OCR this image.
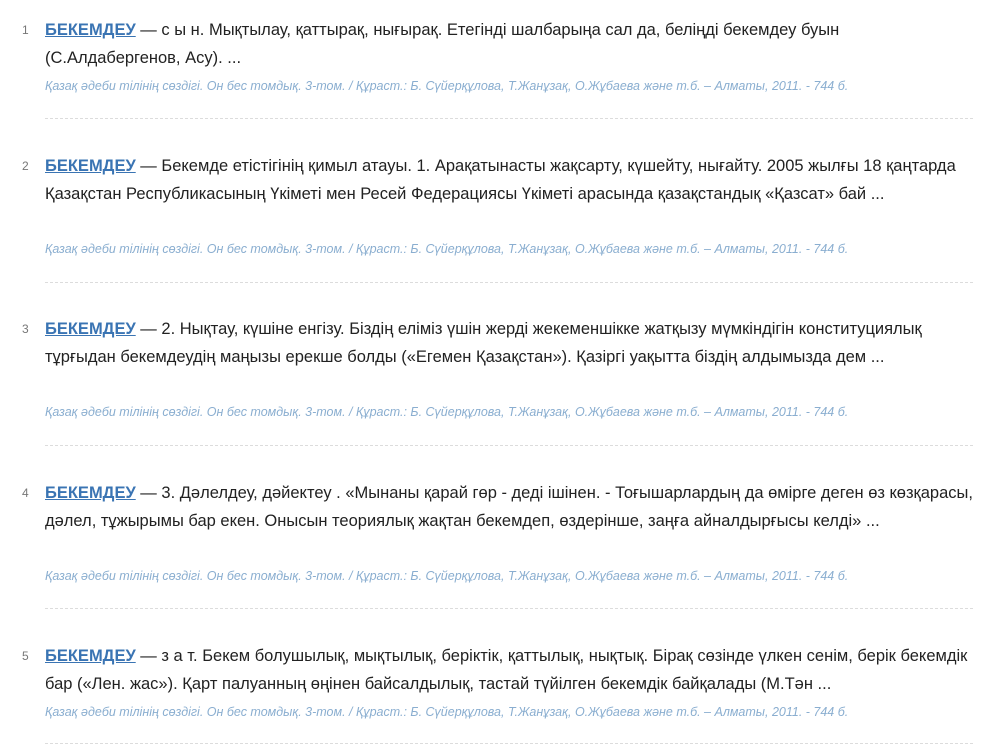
1 БЕКЕМДЕУ — с ы н. Мықтылау, қаттырақ, нығырақ. Етегінді шалбарыңа сал да, беліңді бекемдеу буын (С.Алдабергенов, Асу). ...
Қазақ әдеби тілінің сөздігі. Он бес томдық. 3-том. / Құраст.: Б. Сүйерқұлова, Т.Жанұзақ, О.Жұбаева және т.б. – Алматы, 2011. - 744 б.
2 БЕКЕМДЕУ — Бекемде етістігінің қимыл атауы. 1. Арақатынасты жақсарту, күшейту, нығайту. 2005 жылғы 18 қаңтарда Қазақстан Республикасының Үкіметі мен Ресей Федерациясы Үкіметі арасында қазақстандық «Қазсат» бай ...
Қазақ әдеби тілінің сөздігі. Он бес томдық. 3-том. / Құраст.: Б. Сүйерқұлова, Т.Жанұзақ, О.Жұбаева және т.б. – Алматы, 2011. - 744 б.
3 БЕКЕМДЕУ — 2. Нықтау, күшіне енгізу. Біздің еліміз үшін жерді жекеменшікке жатқызу мүмкіндігін конституциялық тұрғыдан бекемдеудің маңызы ерекше болды («Егемен Қазақстан»). Қазіргі уақытта біздің алдымызда дем ...
Қазақ әдеби тілінің сөздігі. Он бес томдық. 3-том. / Құраст.: Б. Сүйерқұлова, Т.Жанұзақ, О.Жұбаева және т.б. – Алматы, 2011. - 744 б.
4 БЕКЕМДЕУ — 3. Дәлелдеу, дәйектеу . «Мынаны қарай гөр - деді ішінен. - Тоғышарлардың да өмірге деген өз көзқарасы, дәлел, тұжырымы бар екен. Онысын теориялық жақтан бекемдеп, өздерінше, заңға айналдырғысы келді» ...
Қазақ әдеби тілінің сөздігі. Он бес томдық. 3-том. / Құраст.: Б. Сүйерқұлова, Т.Жанұзақ, О.Жұбаева және т.б. – Алматы, 2011. - 744 б.
5 БЕКЕМДЕУ — з а т. Бекем болушылық, мықтылық, беріктік, қаттылық, нықтық. Бірақ сөзінде үлкен сенім, берік бекемдік бар («Лен. жас»). Қарт палуанның өңінен байсалдылық, тастай түйілген бекемдік байқалады (М.Тән ...
Қазақ әдеби тілінің сөздігі. Он бес томдық. 3-том. / Құраст.: Б. Сүйерқұлова, Т.Жанұзақ, О.Жұбаева және т.б. – Алматы, 2011. - 744 б.
